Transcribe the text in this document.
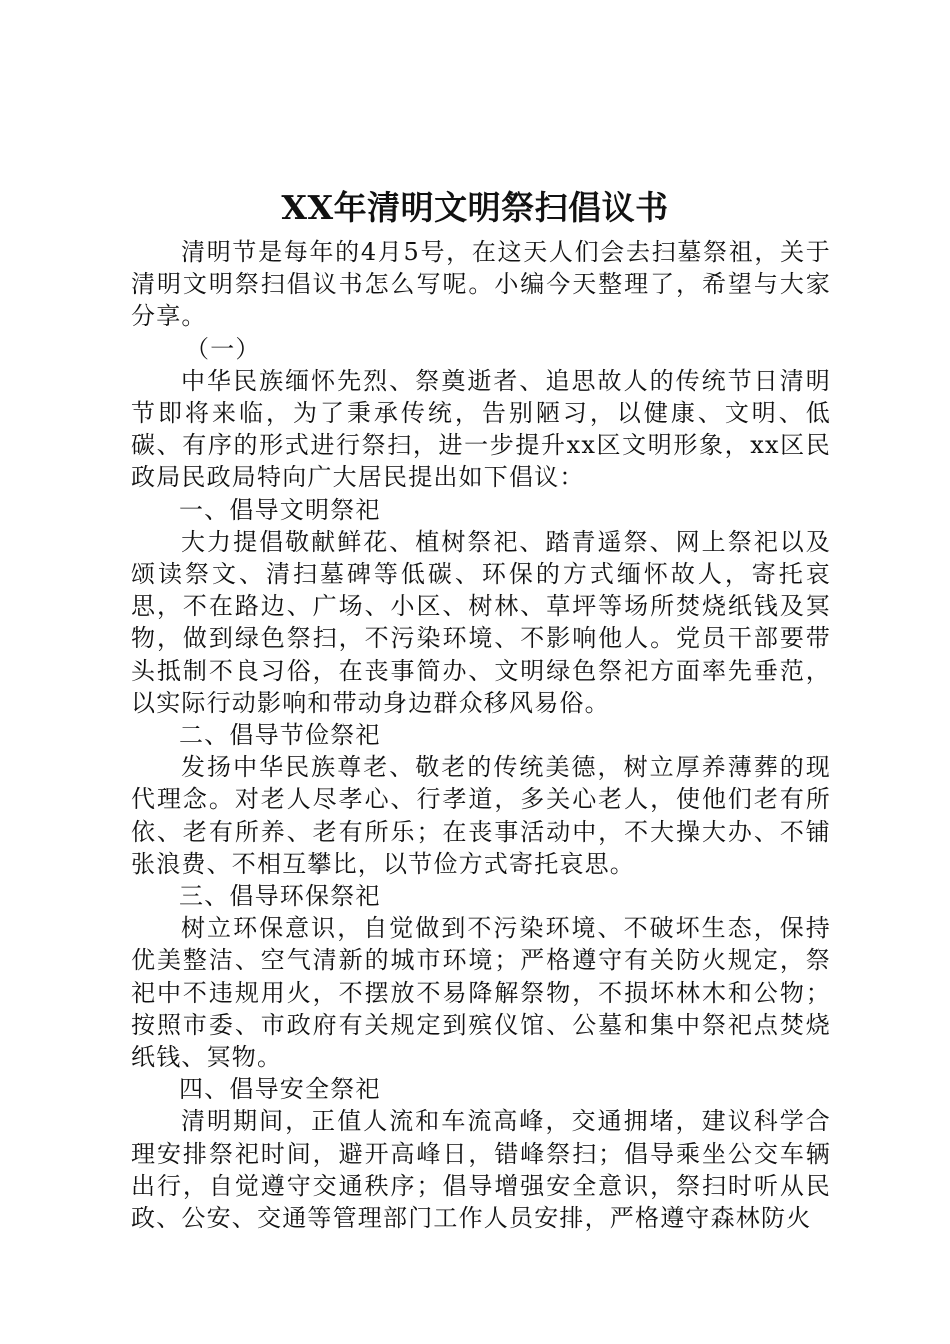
XX年清明文明祭扫倡议书

清明节是每年的4月5号，在这天人们会去扫墓祭祖，关于清明文明祭扫倡议书怎么写呢。小编今天整理了，希望与大家分享。

（一）

中华民族缅怀先烈、祭奠逝者、追思故人的传统节日清明节即将来临，为了秉承传统，告别陋习，以健康、文明、低碳、有序的形式进行祭扫，进一步提升xx区文明形象，xx区民政局民政局特向广大居民提出如下倡议：

一、倡导文明祭祀

大力提倡敬献鲜花、植树祭祀、踏青遥祭、网上祭祀以及颂读祭文、清扫墓碑等低碳、环保的方式缅怀故人，寄托哀思，不在路边、广场、小区、树林、草坪等场所焚烧纸钱及冥物，做到绿色祭扫，不污染环境、不影响他人。党员干部要带头抵制不良习俗，在丧事简办、文明绿色祭祀方面率先垂范，以实际行动影响和带动身边群众移风易俗。

二、倡导节俭祭祀

发扬中华民族尊老、敬老的传统美德，树立厚养薄葬的现代理念。对老人尽孝心、行孝道，多关心老人，使他们老有所依、老有所养、老有所乐；在丧事活动中，不大操大办、不铺张浪费、不相互攀比，以节俭方式寄托哀思。

三、倡导环保祭祀

树立环保意识，自觉做到不污染环境、不破坏生态，保持优美整洁、空气清新的城市环境；严格遵守有关防火规定，祭祀中不违规用火，不摆放不易降解祭物，不损坏林木和公物；按照市委、市政府有关规定到殡仪馆、公墓和集中祭祀点焚烧纸钱、冥物。

四、倡导安全祭祀

清明期间，正值人流和车流高峰，交通拥堵，建议科学合理安排祭祀时间，避开高峰日，错峰祭扫；倡导乘坐公交车辆出行，自觉遵守交通秩序；倡导增强安全意识，祭扫时听从民政、公安、交通等管理部门工作人员安排，严格遵守森林防火
